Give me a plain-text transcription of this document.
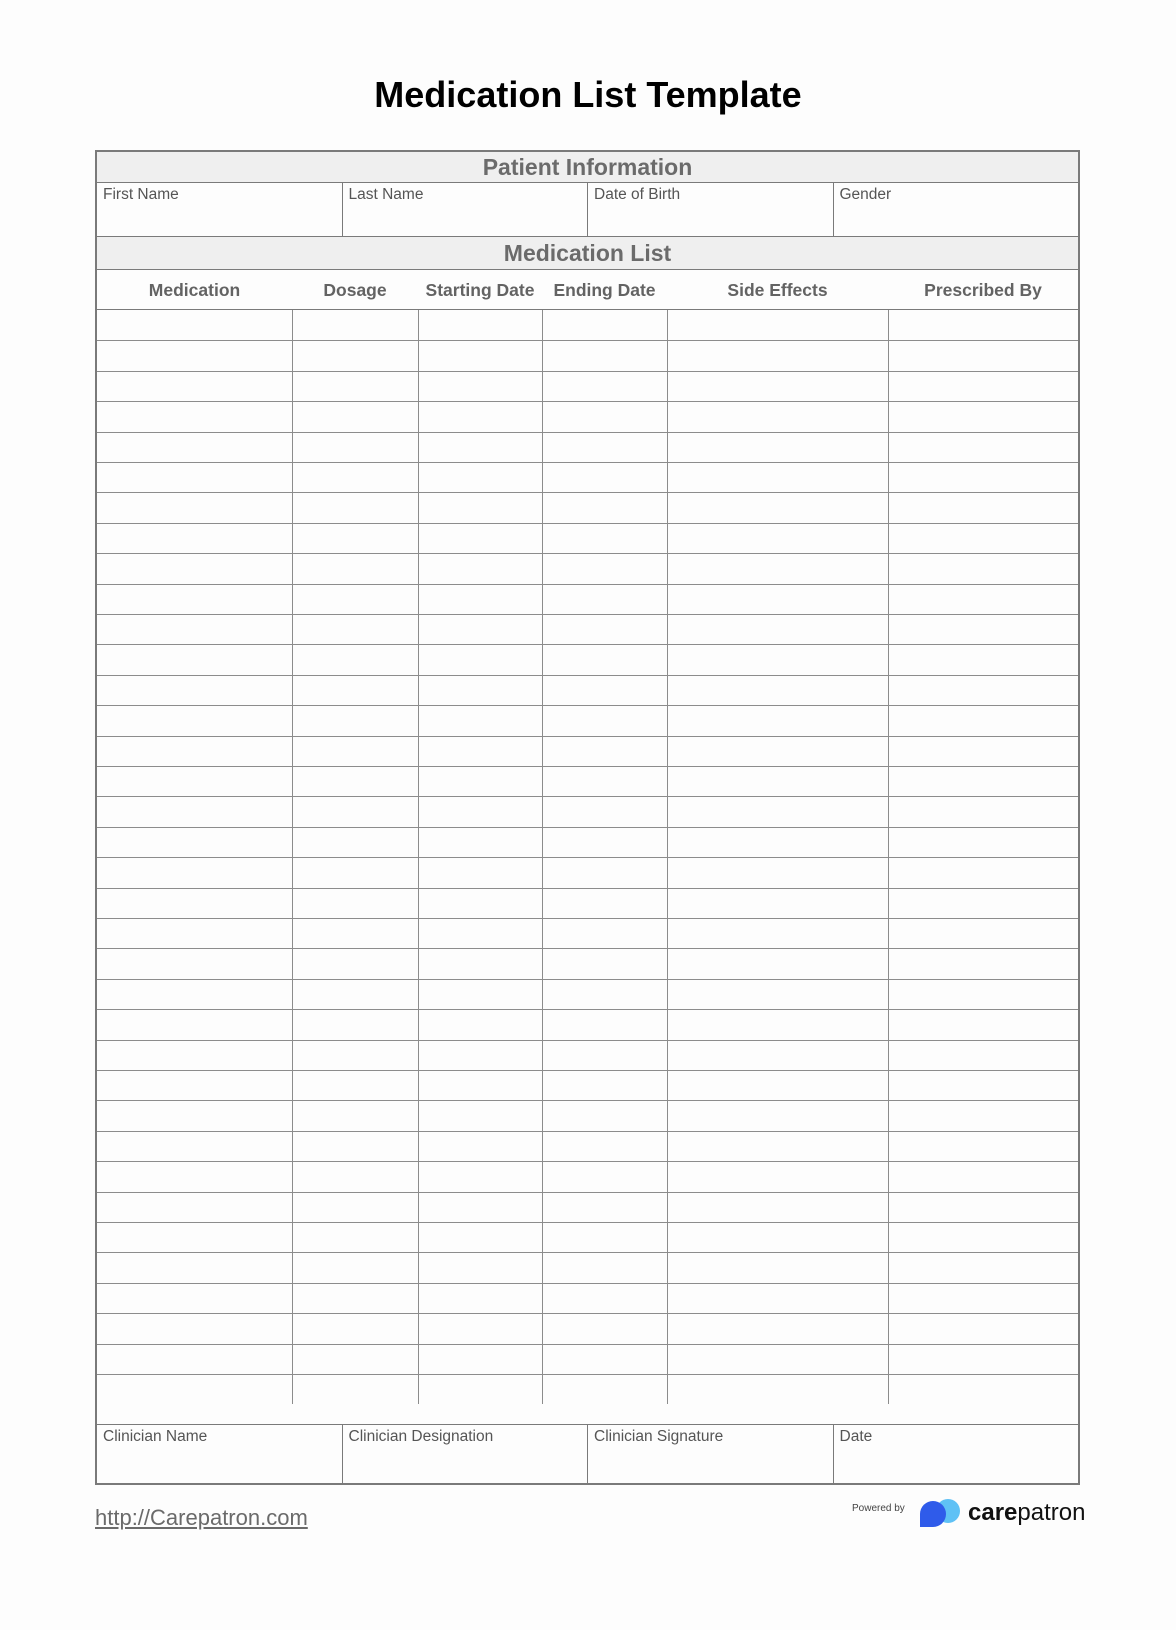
Medication List Template
Patient Information
First Name	Last Name	Date of Birth	Gender
Medication List
Medication	Dosage	Starting Date	Ending Date	Side Effects	Prescribed By
Clinician Name	Clinician Designation	Clinician Signature	Date
http://Carepatron.com	Powered by	carepatron
